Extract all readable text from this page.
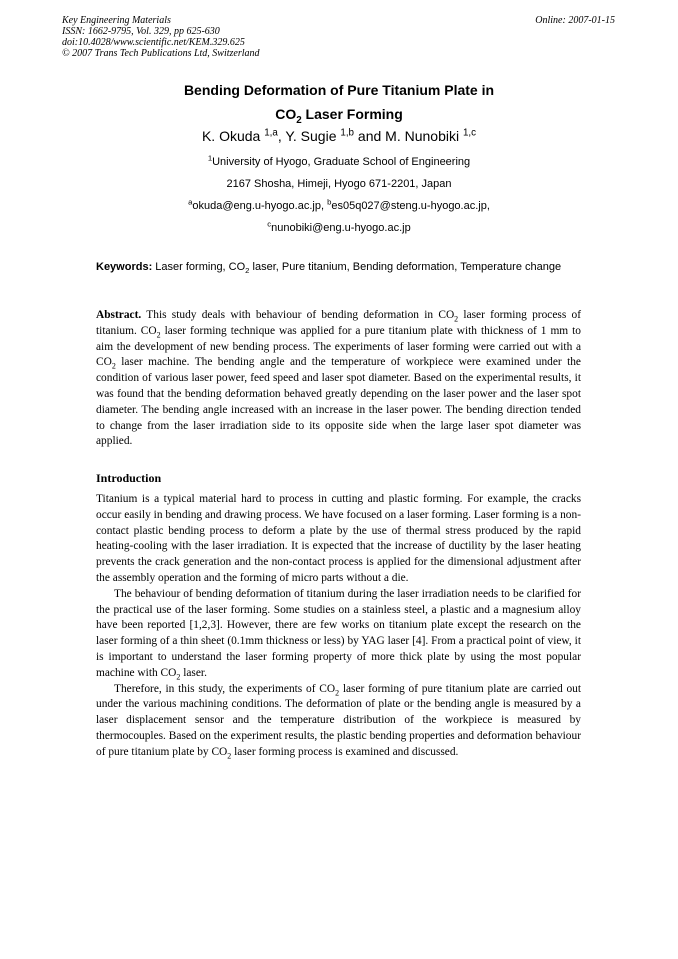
Key Engineering Materials
ISSN: 1662-9795, Vol. 329, pp 625-630
doi:10.4028/www.scientific.net/KEM.329.625
© 2007 Trans Tech Publications Ltd, Switzerland
Online: 2007-01-15
Bending Deformation of Pure Titanium Plate in
$CO_2$ Laser Forming
K. Okuda $^{1,a}$, Y. Sugie $^{1,b}$ and M. Nunobiki $^{1,c}$
$^1$University of Hyogo, Graduate School of Engineering
2167 Shosha, Himeji, Hyogo 671-2201, Japan
$^a$okuda@eng.u-hyogo.ac.jp, $^b$es05q027@steng.u-hyogo.ac.jp,
$^c$nunobiki@eng.u-hyogo.ac.jp
Keywords: Laser forming, $CO_2$ laser, Pure titanium, Bending deformation, Temperature change
Abstract. This study deals with behaviour of bending deformation in $CO_2$ laser forming process of titanium. $CO_2$ laser forming technique was applied for a pure titanium plate with thickness of 1 mm to aim the development of new bending process. The experiments of laser forming were carried out with a $CO_2$ laser machine. The bending angle and the temperature of workpiece were examined under the condition of various laser power, feed speed and laser spot diameter. Based on the experimental results, it was found that the bending deformation behaved greatly depending on the laser power and the laser spot diameter. The bending angle increased with an increase in the laser power. The bending direction tended to change from the laser irradiation side to its opposite side when the large laser spot diameter was applied.
Introduction

Titanium is a typical material hard to process in cutting and plastic forming. For example, the cracks occur easily in bending and drawing process. We have focused on a laser forming. Laser forming is a non-contact plastic bending process to deform a plate by the use of thermal stress produced by the rapid heating-cooling with the laser irradiation. It is expected that the increase of ductility by the laser heating prevents the crack generation and the non-contact process is applied for the dimensional adjustment after the assembly operation and the forming of micro parts without a die.

The behaviour of bending deformation of titanium during the laser irradiation needs to be clarified for the practical use of the laser forming. Some studies on a stainless steel, a plastic and a magnesium alloy have been reported [1,2,3]. However, there are few works on titanium plate except the research on the laser forming of a thin sheet (0.1mm thickness or less) by YAG laser [4]. From a practical point of view, it is important to understand the laser forming property of more thick plate by using the most popular machine with $CO_2$ laser.

Therefore, in this study, the experiments of $CO_2$ laser forming of pure titanium plate are carried out under the various machining conditions. The deformation of plate or the bending angle is measured by a laser displacement sensor and the temperature distribution of the workpiece is measured by thermocouples. Based on the experiment results, the plastic bending properties and deformation behaviour of pure titanium plate by $CO_2$ laser forming process is examined and discussed.
